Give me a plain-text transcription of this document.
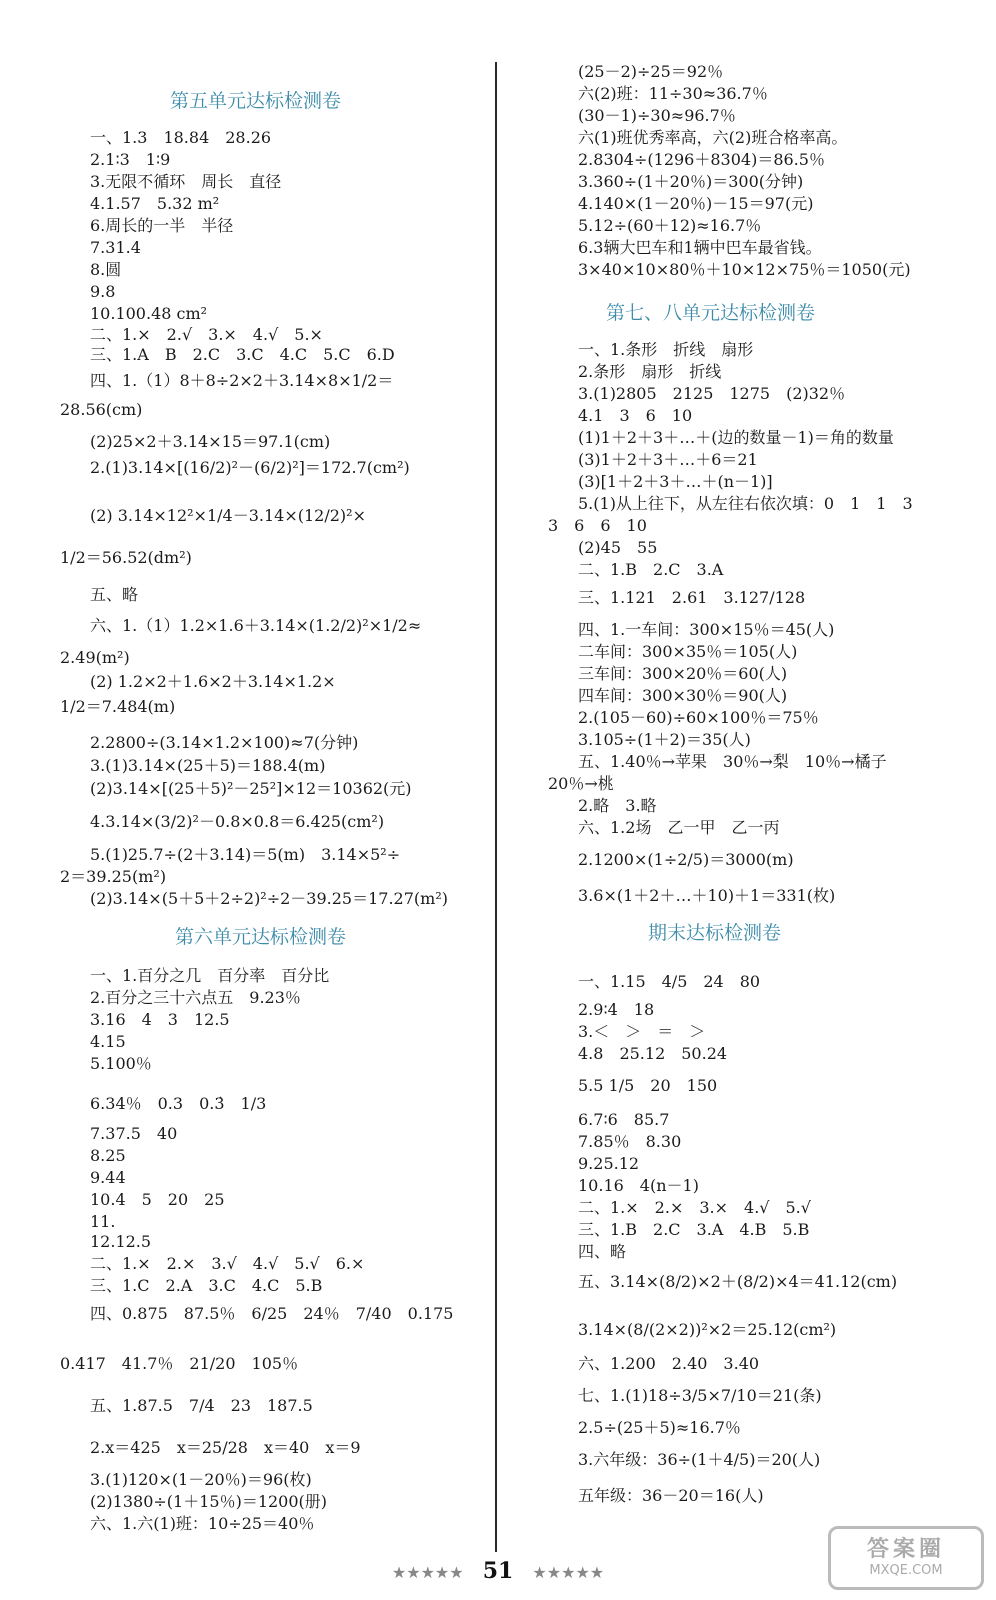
第五单元达标检测卷
一、1.3　18.84　28.26
2.1∶3　1∶9
3.无限不循环　周长　直径
4.1.57　5.32 m²
6.周长的一半　半径
7.31.4
8.圆
9.8
10.100.48 cm²
二、1.×　2.√　3.×　4.√　5.×
三、1.A　B　2.C　3.C　4.C　5.C　6.D
四、1.（1）8＋8÷2×2＋3.14×8×1/2＝
28.56(cm)
(2)25×2＋3.14×15＝97.1(cm)
2.(1)3.14×[(16/2)²－(6/2)²]＝172.7(cm²)
(2) 3.14×12²×1/4－3.14×(12/2)²×
1/2＝56.52(dm²)
五、略
六、1.（1）1.2×1.6＋3.14×(1.2/2)²×1/2≈
2.49(m²)
(2) 1.2×2＋1.6×2＋3.14×1.2×
1/2＝7.484(m)
2.2800÷(3.14×1.2×100)≈7(分钟)
3.(1)3.14×(25＋5)＝188.4(m)
(2)3.14×[(25＋5)²－25²]×12＝10362(元)
4.3.14×(3/2)²－0.8×0.8＝6.425(cm²)
5.(1)25.7÷(2＋3.14)＝5(m)　3.14×5²÷
2＝39.25(m²)
(2)3.14×(5＋5＋2÷2)²÷2－39.25＝17.27(m²)
第六单元达标检测卷
一、1.百分之几　百分率　百分比
2.百分之三十六点五　9.23％
3.16　4　3　12.5
4.15
5.100％
6.34％　0.3　0.3̇　1/3
7.37.5　40
8.25
9.44
10.4　5　20　25
11.
12.12.5
二、1.×　2.×　3.√　4.√　5.√　6.×
三、1.C　2.A　3.C　4.C　5.B
四、0.875　87.5％　6/25　24％　7/40　0.175
0.417　41.7％　21/20　105％
五、1.87.5　7/4　23　187.5
2.x＝425　x＝25/28　x＝40　x＝9
3.(1)120×(1－20％)＝96(枚)
(2)1380÷(1＋15％)＝1200(册)
六、1.六(1)班：10÷25＝40％
(25－2)÷25＝92％
六(2)班：11÷30≈36.7％
(30－1)÷30≈96.7％
六(1)班优秀率高，六(2)班合格率高。
2.8304÷(1296＋8304)＝86.5％
3.360÷(1＋20％)＝300(分钟)
4.140×(1－20％)－15＝97(元)
5.12÷(60＋12)≈16.7％
6.3辆大巴车和1辆中巴车最省钱。
3×40×10×80％＋10×12×75％＝1050(元)
第七、八单元达标检测卷
一、1.条形　折线　扇形
2.条形　扇形　折线
3.(1)2805　2125　1275　(2)32％
4.1　3　6　10
(1)1＋2＋3＋…＋(边的数量－1)＝角的数量
(3)1＋2＋3＋…＋6＝21
(3)[1＋2＋3＋…＋(n－1)]
5.(1)从上往下，从左往右依次填：0　1　1　3
3　6　6　10
(2)45　55
二、1.B　2.C　3.A
三、1.121　2.61　3.127/128
四、1.一车间：300×15％＝45(人)
二车间：300×35％＝105(人)
三车间：300×20％＝60(人)
四车间：300×30％＝90(人)
2.(105－60)÷60×100％＝75％
3.105÷(1＋2)＝35(人)
五、1.40％→苹果　30％→梨　10％→橘子
20％→桃
2.略　3.略
六、1.2场　乙一甲　乙一丙
2.1200×(1÷2/5)＝3000(m)
3.6×(1＋2＋…＋10)＋1＝331(枚)
期末达标检测卷
一、1.15　4/5　24　80
2.9∶4　18
3.＜　＞　＝　＞
4.8　25.12　50.24
5.5 1/5　20　150
6.7∶6　85.7
7.85％　8.30
9.25.12
10.16　4(n－1)
二、1.×　2.×　3.×　4.√　5.√
三、1.B　2.C　3.A　4.B　5.B
四、略
五、3.14×(8/2)×2＋(8/2)×4＝41.12(cm)
3.14×(8/(2×2))²×2＝25.12(cm²)
六、1.200　2.40　3.40
七、1.(1)18÷3/5×7/10＝21(条)
2.5÷(25＋5)≈16.7％
3.六年级：36÷(1＋4/5)＝20(人)
五年级：36－20＝16(人)
★★★★★ 51 ★★★★★
答案圈
MXQE.COM
